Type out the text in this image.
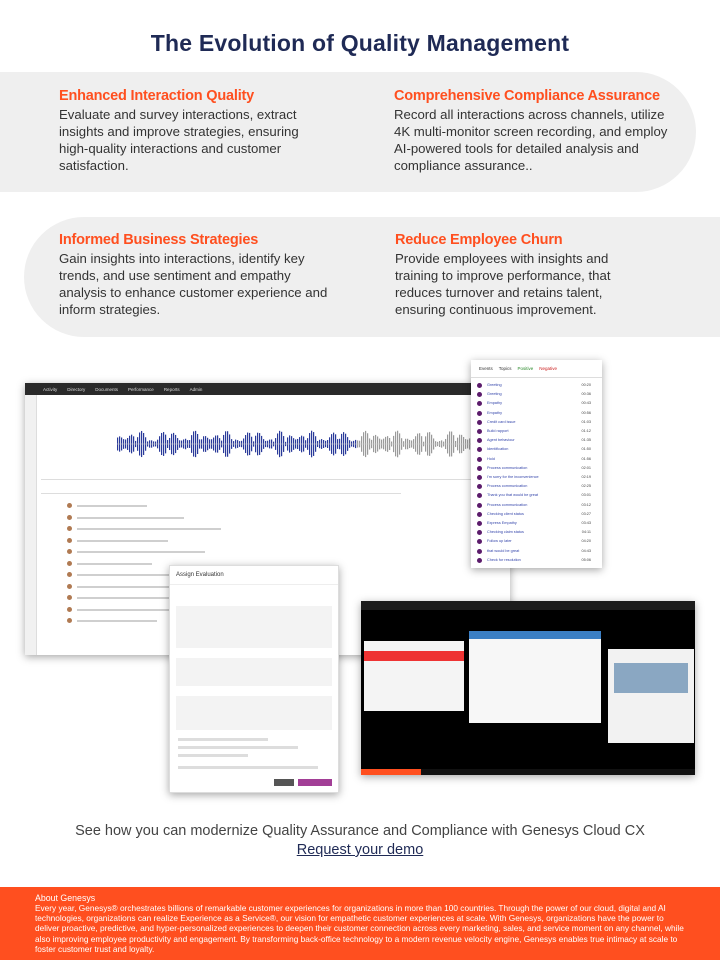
The Evolution of Quality Management
Enhanced Interaction Quality

Evaluate and survey interactions, extract insights and improve strategies, ensuring high-quality interactions and customer satisfaction.

Comprehensive Compliance Assurance

Record all interactions across channels, utilize 4K multi-monitor screen recording, and employ AI-powered tools for detailed analysis and compliance assurance..

Informed Business Strategies

Gain insights into interactions, identify key trends, and use sentiment and empathy analysis to enhance customer experience and inform strategies.

Reduce Employee Churn

Provide employees with insights and training to improve performance, that reduces turnover and retains talent, ensuring continuous improvement.

Activity Directory Documents Performance Reports Admin
Events Topics Positive Negative
Greeting	00:20
Greeting	00:36
Empathy	00:43
Empathy	00:56
Credit card issue	01:03
Build rapport	01:12
Agent behaviour	01:35
Identification	01:50
Hold	01:56
Process communication	02:01
I'm sorry for the inconvenience	02:19
Process communication	02:25
Thank you that would be great	03:01
Process communication	03:12
Checking client status	03:27
Express Empathy	03:43
Checking claim status	04:11
Follow up later	04:20
that would be great	04:43
Check for resolution	05:06
Assign Evaluation
See how you can modernize Quality Assurance and Compliance with Genesys Cloud CX
Request your demo
About Genesys
Every year, Genesys® orchestrates billions of remarkable customer experiences for organizations in more than 100 countries. Through the power of our cloud, digital and AI technologies, organizations can realize Experience as a Service®, our vision for empathetic customer experiences at scale. With Genesys, organizations have the power to deliver proactive, predictive, and hyper-personalized experiences to deepen their customer connection across every marketing, sales, and service moment on any channel, while also improving employee productivity and engagement. By transforming back-office technology to a modern revenue velocity engine, Genesys enables true intimacy at scale to foster customer trust and loyalty.
